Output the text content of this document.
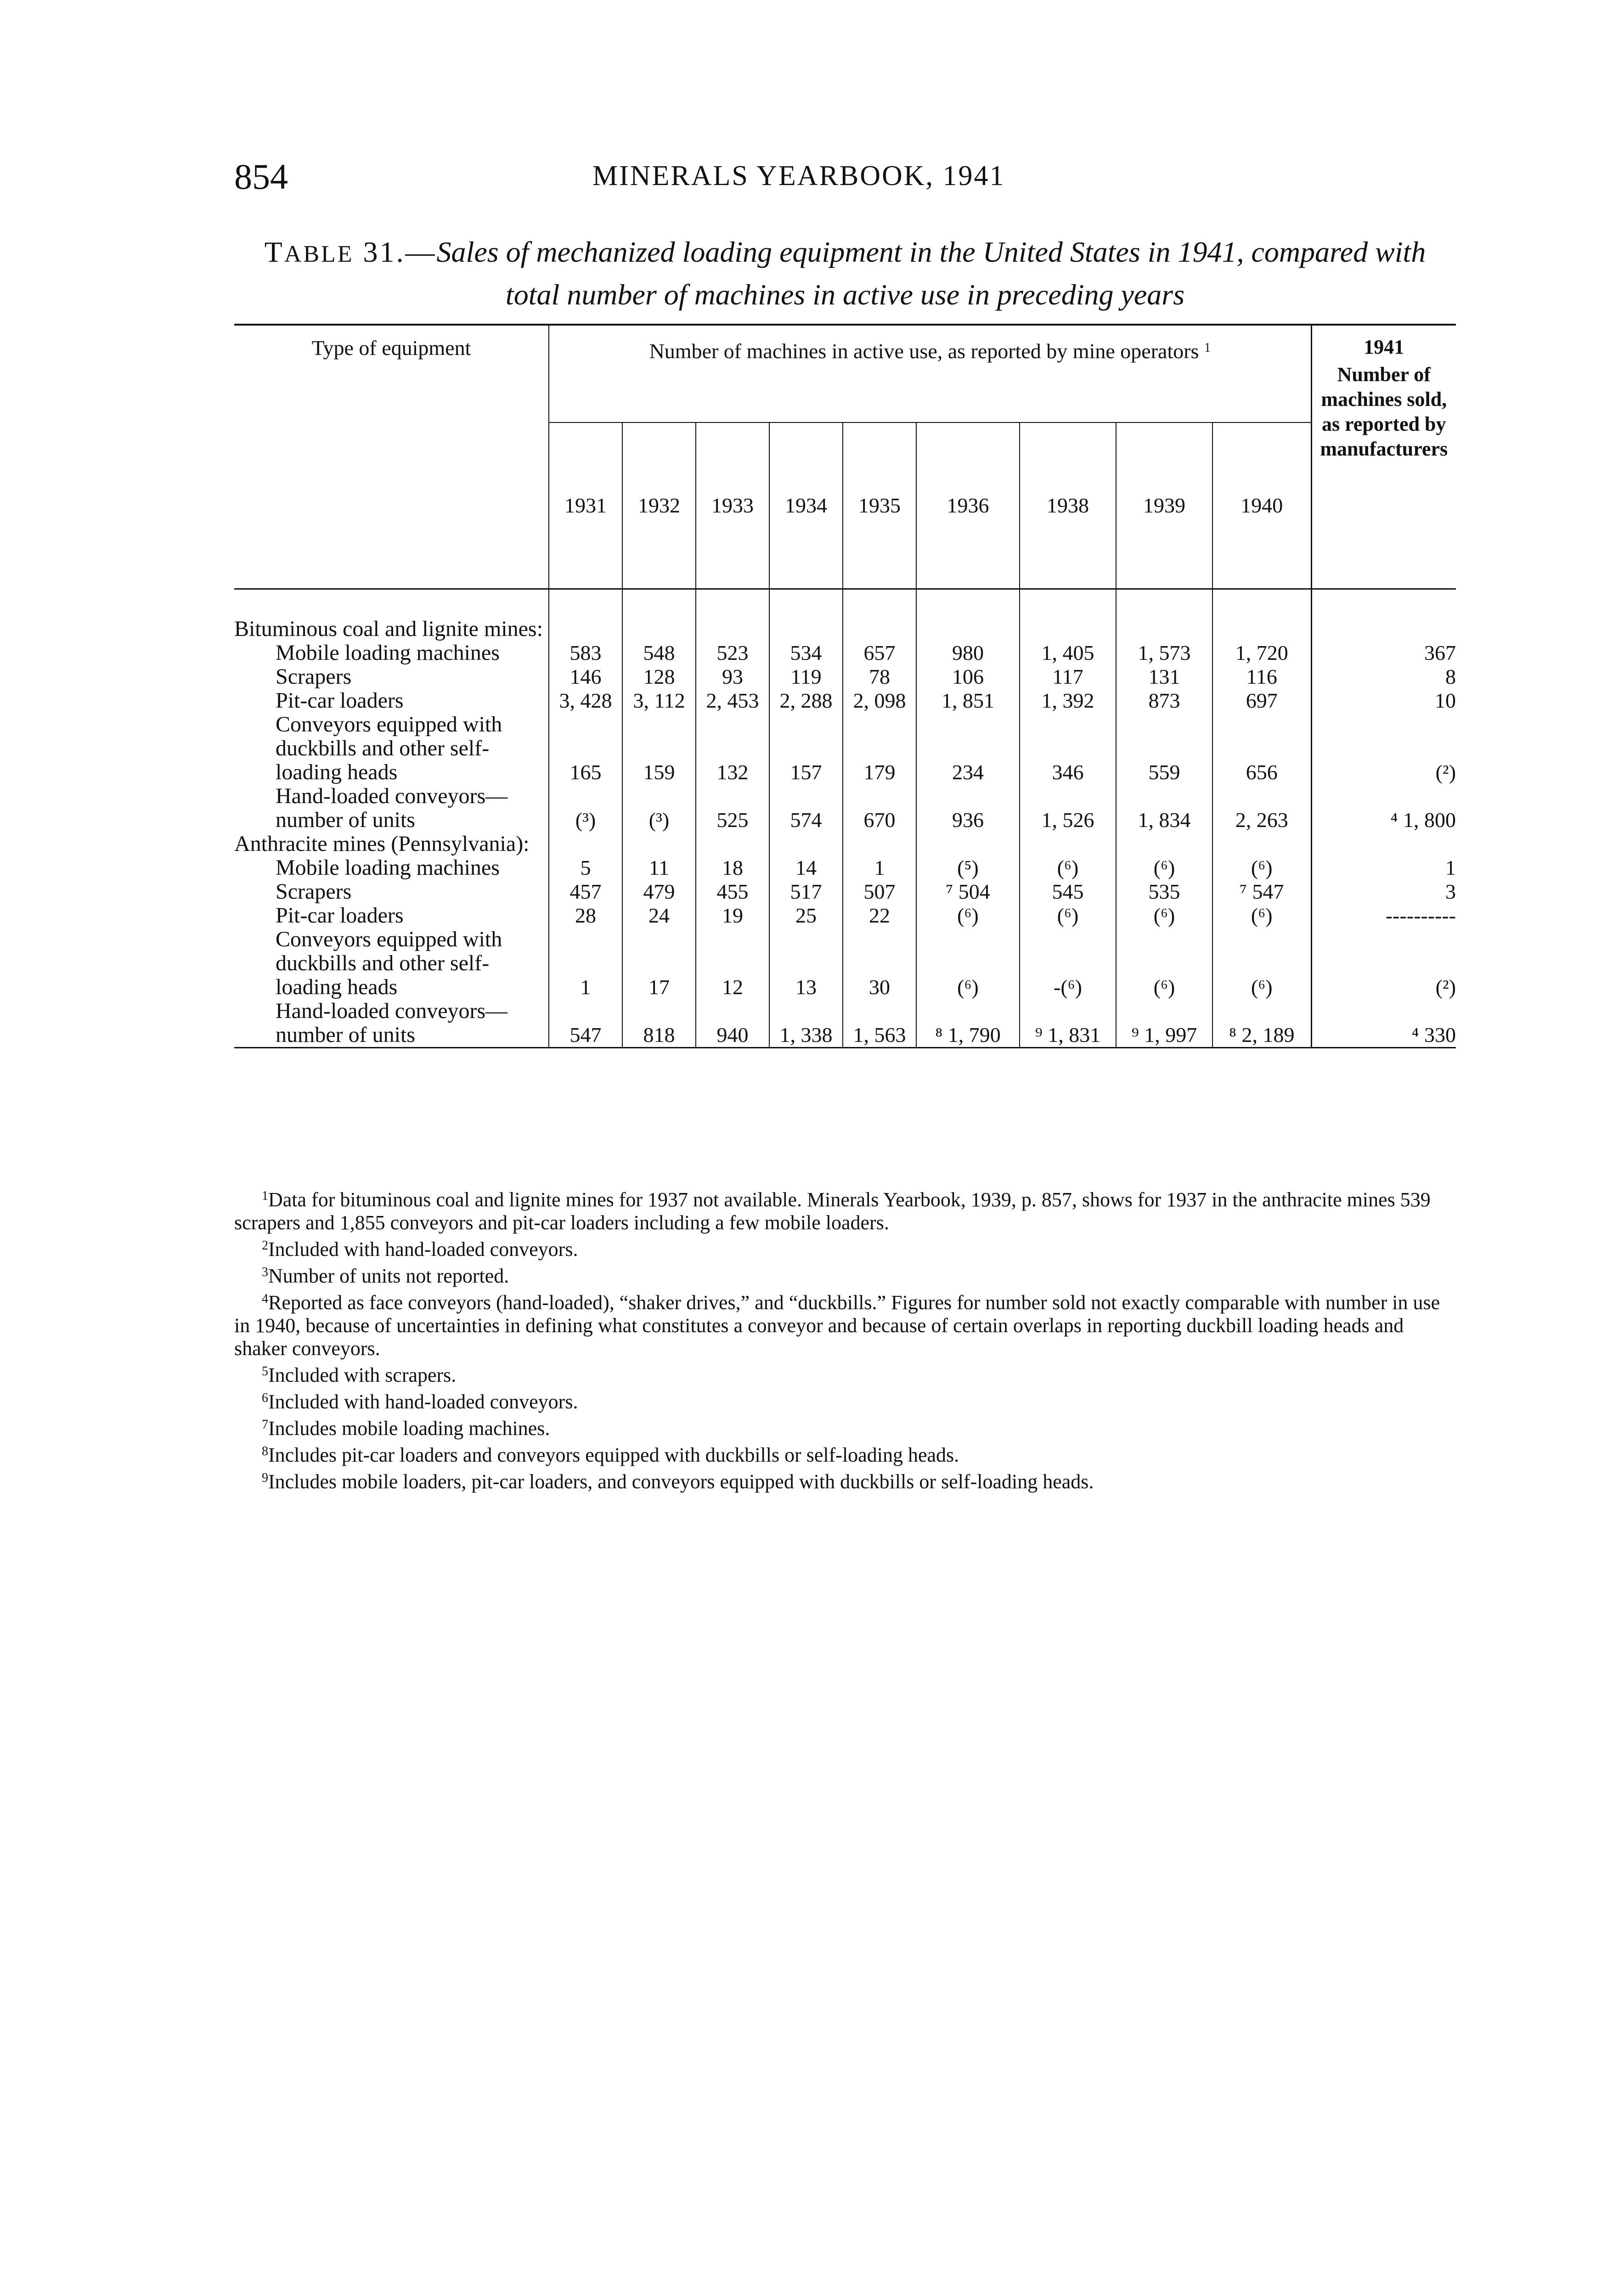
854	MINERALS YEARBOOK, 1941
TABLE 31.—Sales of mechanized loading equipment in the United States in 1941, compared with total number of machines in active use in preceding years
Type of equipment	Number of machines in active use, as reported by mine operators $^1$									1941
Number of machines sold, as reported by manufacturers

	1931	1932	1933	1934	1935	1936	1938	1939	1940	

Bituminous coal and lignite mines:										
Mobile loading machines	583	548	523	534	657	980	1, 405	1, 573	1, 720	367
Scrapers	146	128	93	119	78	106	117	131	116	8
Pit-car loaders	3, 428	3, 112	2, 453	2, 288	2, 098	1, 851	1, 392	873	697	10
Conveyors equipped with duckbills and other self-loading heads	165	159	132	157	179	234	346	559	656	(²)
Hand-loaded conveyors—number of units	(³)	(³)	525	574	670	936	1, 526	1, 834	2, 263	⁴ 1, 800
Anthracite mines (Pennsylvania):										
Mobile loading machines	5	11	18	14	1	(⁵)	(⁶)	(⁶)	(⁶)	1
Scrapers	457	479	455	517	507	⁷ 504	545	535	⁷ 547	3
Pit-car loaders	28	24	19	25	22	(⁶)	(⁶)	(⁶)	(⁶)	----------
Conveyors equipped with duckbills and other self-loading heads	1	17	12	13	30	(⁶)	-(⁶)	(⁶)	(⁶)	(²)
Hand-loaded conveyors—number of units	547	818	940	1, 338	1, 563	⁸ 1, 790	⁹ 1, 831	⁹ 1, 997	⁸ 2, 189	⁴ 330

$^1$Data for bituminous coal and lignite mines for 1937 not available. Minerals Yearbook, 1939, p. 857, shows for 1937 in the anthracite mines 539 scrapers and 1,855 conveyors and pit-car loaders including a few mobile loaders.

$^2$Included with hand-loaded conveyors.

$^3$Number of units not reported.

$^4$Reported as face conveyors (hand-loaded), “shaker drives,” and “duckbills.” Figures for number sold not exactly comparable with number in use in 1940, because of uncertainties in defining what constitutes a conveyor and because of certain overlaps in reporting duckbill loading heads and shaker conveyors.

$^5$Included with scrapers.

$^6$Included with hand-loaded conveyors.

$^7$Includes mobile loading machines.

$^8$Includes pit-car loaders and conveyors equipped with duckbills or self-loading heads.

$^9$Includes mobile loaders, pit-car loaders, and conveyors equipped with duckbills or self-loading heads.
